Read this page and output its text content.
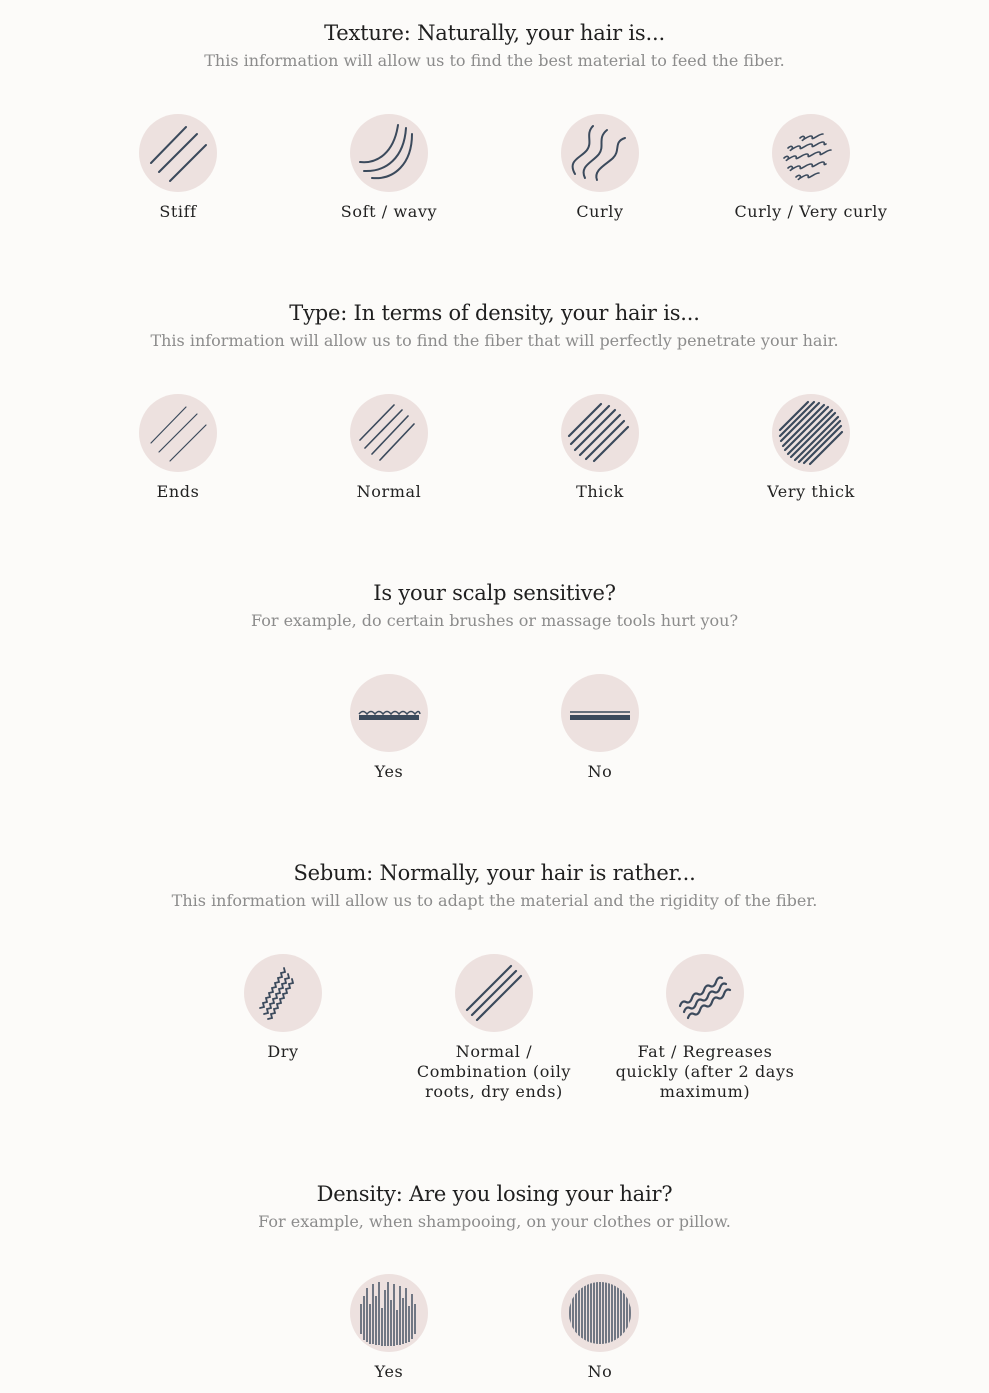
Texture: Naturally, your hair is...

This information will allow us to find the best material to feed the fiber.

Stiff	Soft / wavy	Curly	Curly / Very curly
Type: In terms of density, your hair is...

This information will allow us to find the fiber that will perfectly penetrate your hair.

Ends	Normal	Thick	Very thick
Is your scalp sensitive?

For example, do certain brushes or massage tools hurt you?

Yes	No
Sebum: Normally, your hair is rather...

This information will allow us to adapt the material and the rigidity of the fiber.

Dry	Normal / Combination (oily roots, dry ends)
Fat / Regreases quickly (after 2 days maximum)
Density: Are you losing your hair?

For example, when shampooing, on your clothes or pillow.

Yes	No
